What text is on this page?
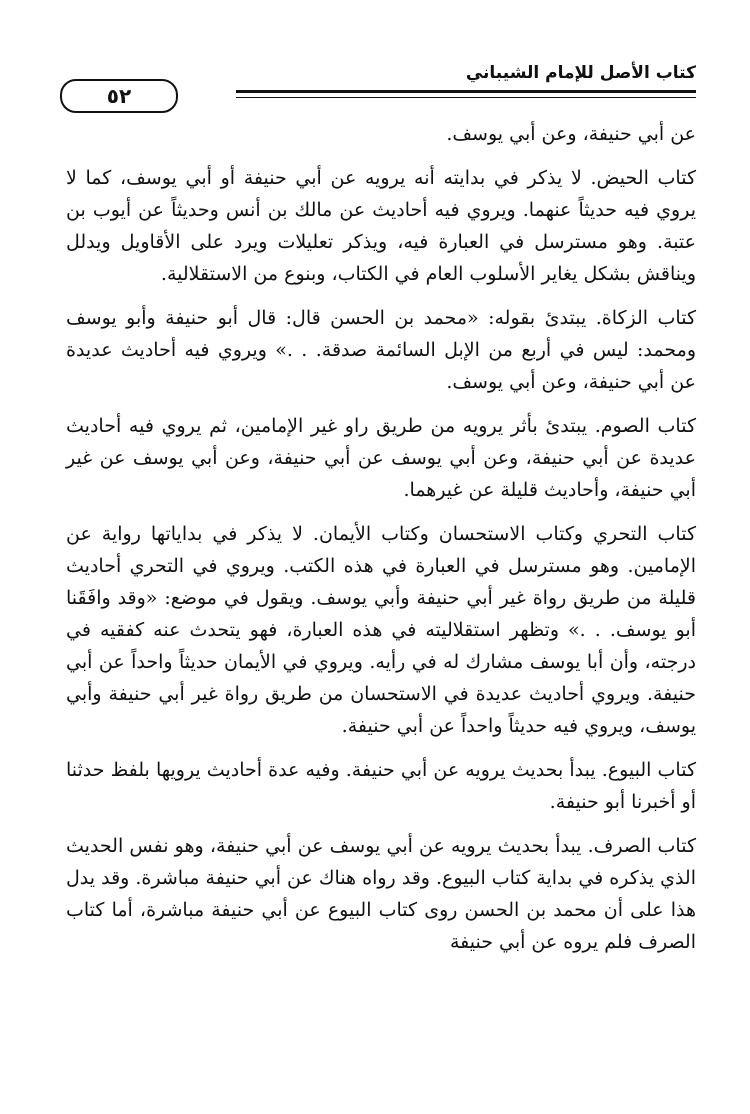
كتاب الأصل للإمام الشيباني
٥٢

عن أبي حنيفة، وعن أبي يوسف.

كتاب الحيض. لا يذكر في بدايته أنه يرويه عن أبي حنيفة أو أبي يوسف، كما لا يروي فيه حديثاً عنهما. ويروي فيه أحاديث عن مالك بن أنس وحديثاً عن أيوب بن عتبة. وهو مسترسل في العبارة فيه، ويذكر تعليلات ويرد على الأقاويل ويدلل ويناقش بشكل يغاير الأسلوب العام في الكتاب، وبنوع من الاستقلالية.

كتاب الزكاة. يبتدئ بقوله: «محمد بن الحسن قال: قال أبو حنيفة وأبو يوسف ومحمد: ليس في أربع من الإبل السائمة صدقة. . .» ويروي فيه أحاديث عديدة عن أبي حنيفة، وعن أبي يوسف.

كتاب الصوم. يبتدئ بأثر يرويه من طريق راو غير الإمامين، ثم يروي فيه أحاديث عديدة عن أبي حنيفة، وعن أبي يوسف عن أبي حنيفة، وعن أبي يوسف عن غير أبي حنيفة، وأحاديث قليلة عن غيرهما.

كتاب التحري وكتاب الاستحسان وكتاب الأيمان. لا يذكر في بداياتها رواية عن الإمامين. وهو مسترسل في العبارة في هذه الكتب. ويروي في التحري أحاديث قليلة من طريق رواة غير أبي حنيفة وأبي يوسف. ويقول في موضع: «وقد وافَقَنا أبو يوسف. . .» وتظهر استقلاليته في هذه العبارة، فهو يتحدث عنه كفقيه في درجته، وأن أبا يوسف مشارك له في رأيه. ويروي في الأيمان حديثاً واحداً عن أبي حنيفة. ويروي أحاديث عديدة في الاستحسان من طريق رواة غير أبي حنيفة وأبي يوسف، ويروي فيه حديثاً واحداً عن أبي حنيفة.

كتاب البيوع. يبدأ بحديث يرويه عن أبي حنيفة. وفيه عدة أحاديث يرويها بلفظ حدثنا أو أخبرنا أبو حنيفة.

كتاب الصرف. يبدأ بحديث يرويه عن أبي يوسف عن أبي حنيفة، وهو نفس الحديث الذي يذكره في بداية كتاب البيوع. وقد رواه هناك عن أبي حنيفة مباشرة. وقد يدل هذا على أن محمد بن الحسن روى كتاب البيوع عن أبي حنيفة مباشرة، أما كتاب الصرف فلم يروه عن أبي حنيفة
